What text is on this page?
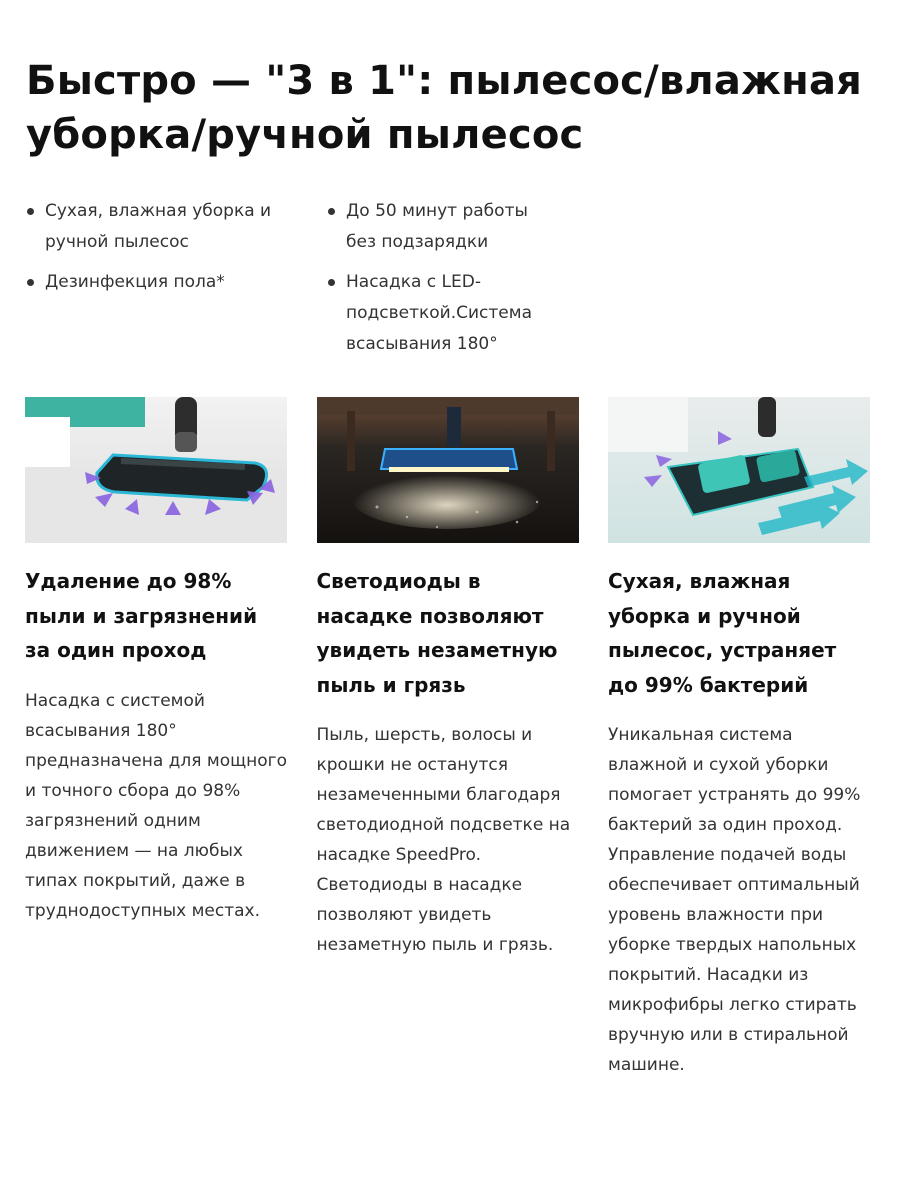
Быстро — "3 в 1": пылесос/влажная уборка/ручной пылесос
Сухая, влажная уборка и ручной пылесос
Дезинфекция пола*
До 50 минут работы без подзарядки
Насадка с LED-подсветкой.Система всасывания 180°
Удаление до 98% пыли и загрязнений за один проход

Насадка с системой всасывания 180° предназначена для мощного и точного сбора до 98% загрязнений одним движением — на любых типах покрытий, даже в труднодоступных местах.

Светодиоды в насадке позволяют увидеть незаметную пыль и грязь

Пыль, шерсть, волосы и крошки не останутся незамеченными благодаря светодиодной подсветке на насадке SpeedPro. Светодиоды в насадке позволяют увидеть незаметную пыль и грязь.

Сухая, влажная уборка и ручной пылесос, устраняет до 99% бактерий

Уникальная система влажной и сухой уборки помогает устранять до 99% бактерий за один проход. Управление подачей воды обеспечивает оптимальный уровень влажности при уборке твердых напольных покрытий. Насадки из микрофибры легко стирать вручную или в стиральной машине.
